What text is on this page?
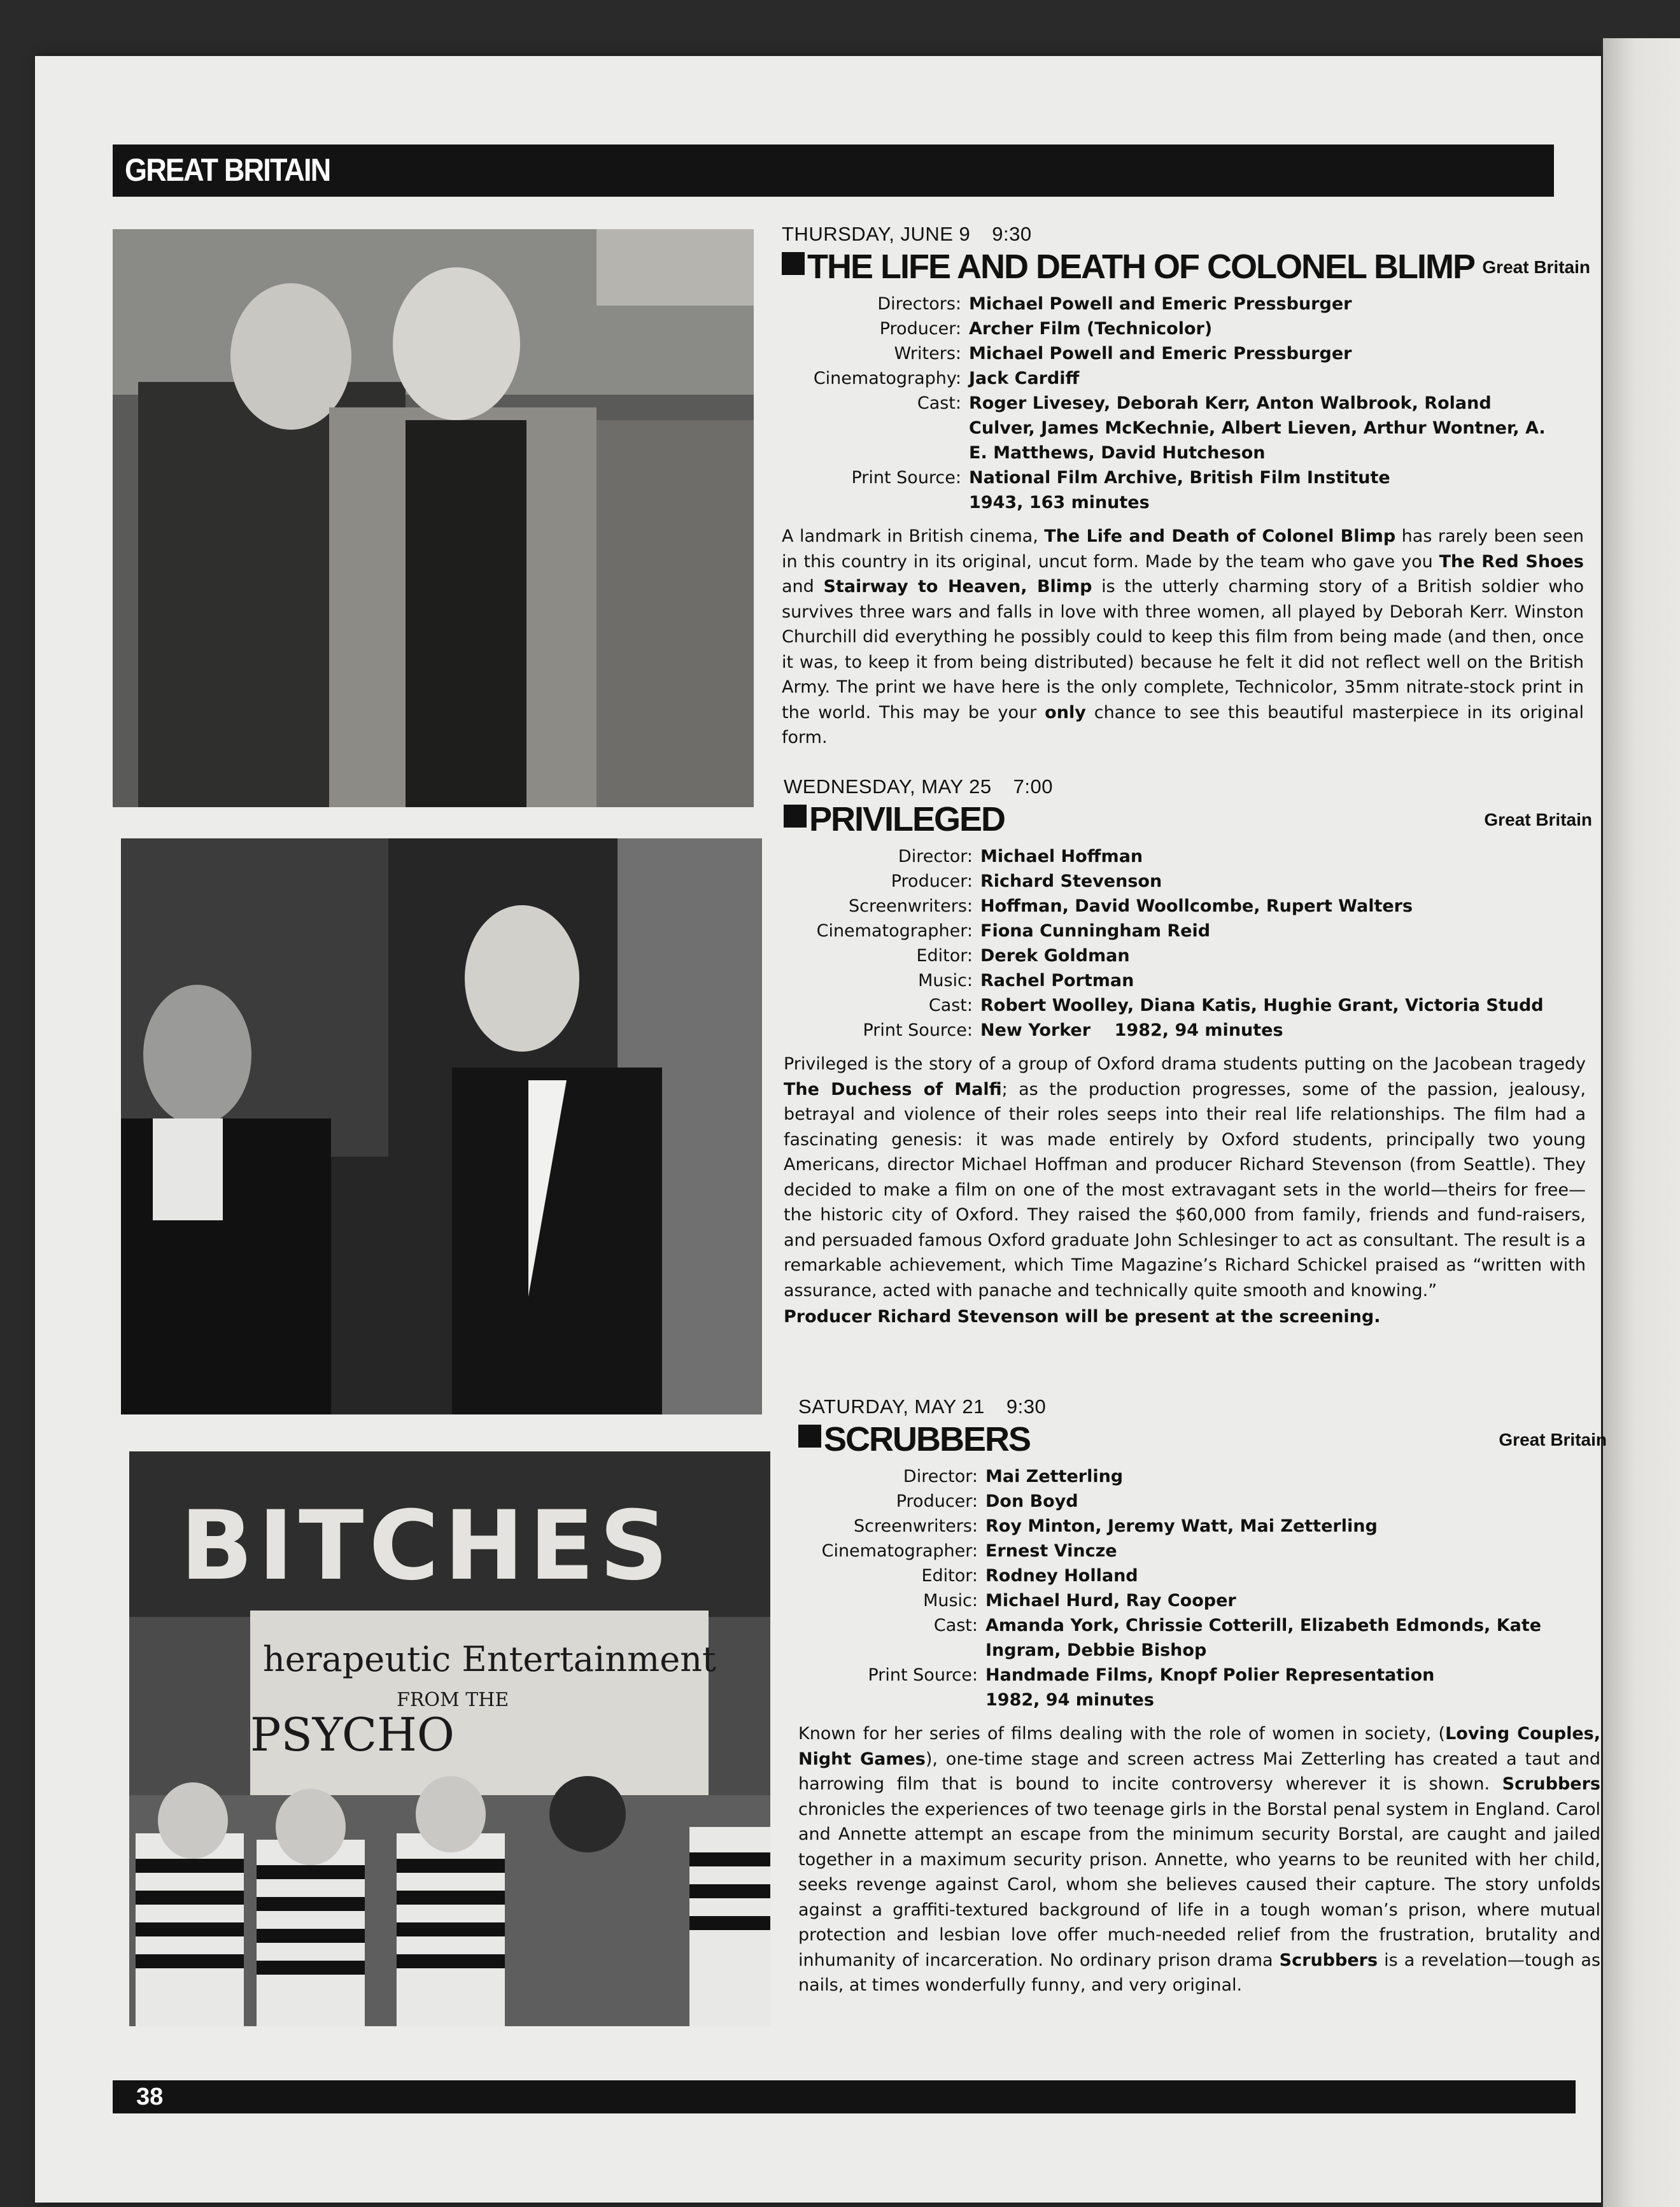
GREAT BRITAIN
BITCHES
herapeutic Entertainment
FROM THE
PSYCHO
THURSDAY, JUNE 9 9:30
THE LIFE AND DEATH OF COLONEL BLIMP Great Britain
Directors: Michael Powell and Emeric Pressburger
Producer: Archer Film (Technicolor)
Writers: Michael Powell and Emeric Pressburger
Cinematography: Jack Cardiff
Cast: Roger Livesey, Deborah Kerr, Anton Walbrook, Roland
Culver, James McKechnie, Albert Lieven, Arthur Wontner, A.
E. Matthews, David Hutcheson
Print Source: National Film Archive, British Film Institute
1943, 163 minutes
A landmark in British cinema, The Life and Death of Colonel Blimp has rarely been seen in this country in its original, uncut form. Made by the team who gave you The Red Shoes and Stairway to Heaven, Blimp is the utterly charming story of a British soldier who survives three wars and falls in love with three women, all played by Deborah Kerr. Winston Churchill did everything he possibly could to keep this film from being made (and then, once it was, to keep it from being distributed) because he felt it did not reflect well on the British Army. The print we have here is the only complete, Technicolor, 35mm nitrate-stock print in the world. This may be your only chance to see this beautiful masterpiece in its original form.
WEDNESDAY, MAY 25 7:00
PRIVILEGED	Great Britain
Director: Michael Hoffman
Producer: Richard Stevenson
Screenwriters: Hoffman, David Woollcombe, Rupert Walters
Cinematographer: Fiona Cunningham Reid
Editor: Derek Goldman
Music: Rachel Portman
Cast: Robert Woolley, Diana Katis, Hughie Grant, Victoria Studd
Print Source: New Yorker    1982, 94 minutes
Privileged is the story of a group of Oxford drama students putting on the Jacobean tragedy The Duchess of Malfi; as the production progresses, some of the passion, jealousy, betrayal and violence of their roles seeps into their real life relationships. The film had a fascinating genesis: it was made entirely by Oxford students, principally two young Americans, director Michael Hoffman and producer Richard Stevenson (from Seattle). They decided to make a film on one of the most extravagant sets in the world—theirs for free—the historic city of Oxford. They raised the $60,000 from family, friends and fund-raisers, and persuaded famous Oxford graduate John Schlesinger to act as consultant. The result is a remarkable achievement, which Time Magazine’s Richard Schickel praised as “written with assurance, acted with panache and technically quite smooth and knowing.”
Producer Richard Stevenson will be present at the screening.
SATURDAY, MAY 21 9:30
SCRUBBERS	Great Britain
Director: Mai Zetterling
Producer: Don Boyd
Screenwriters: Roy Minton, Jeremy Watt, Mai Zetterling
Cinematographer: Ernest Vincze
Editor: Rodney Holland
Music: Michael Hurd, Ray Cooper
Cast: Amanda York, Chrissie Cotterill, Elizabeth Edmonds, Kate
Ingram, Debbie Bishop
Print Source: Handmade Films, Knopf Polier Representation
1982, 94 minutes
Known for her series of films dealing with the role of women in society, (Loving Couples, Night Games), one-time stage and screen actress Mai Zetterling has created a taut and harrowing film that is bound to incite controversy wherever it is shown. Scrubbers chronicles the experiences of two teenage girls in the Borstal penal system in England. Carol and Annette attempt an escape from the minimum security Borstal, are caught and jailed together in a maximum security prison. Annette, who yearns to be reunited with her child, seeks revenge against Carol, whom she believes caused their capture. The story unfolds against a graffiti-textured background of life in a tough woman’s prison, where mutual protection and lesbian love offer much-needed relief from the frustration, brutality and inhumanity of incarceration. No ordinary prison drama Scrubbers is a revelation—tough as nails, at times wonderfully funny, and very original.
38
